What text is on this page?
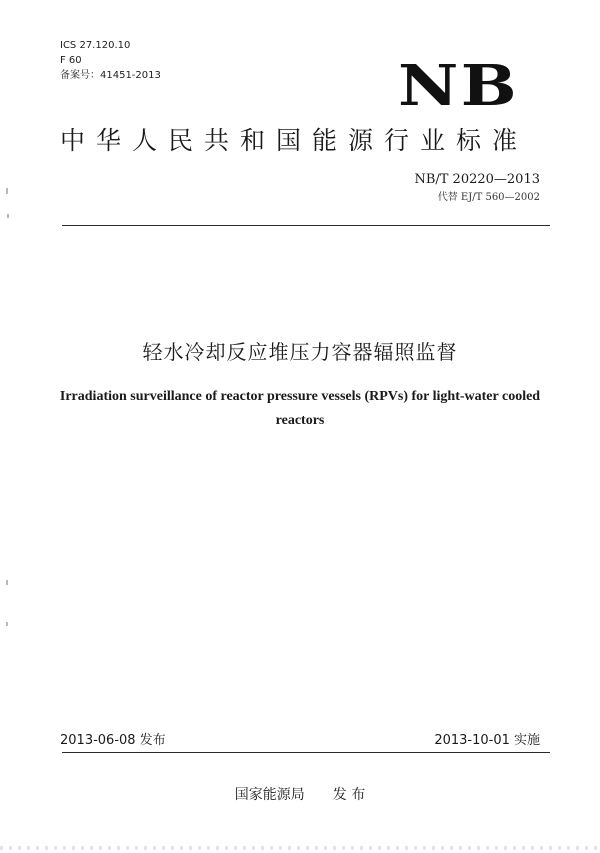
ICS 27.120.10
F 60
备案号：41451-2013	NB
中华人民共和国能源行业标准
NB/T 20220—2013
代替 EJ/T 560—2002
轻水冷却反应堆压力容器辐照监督
Irradiation surveillance of reactor pressure vessels (RPVs) for light-water cooled reactors
2013-06-08 发布	2013-10-01 实施
国家能源局　　发 布
